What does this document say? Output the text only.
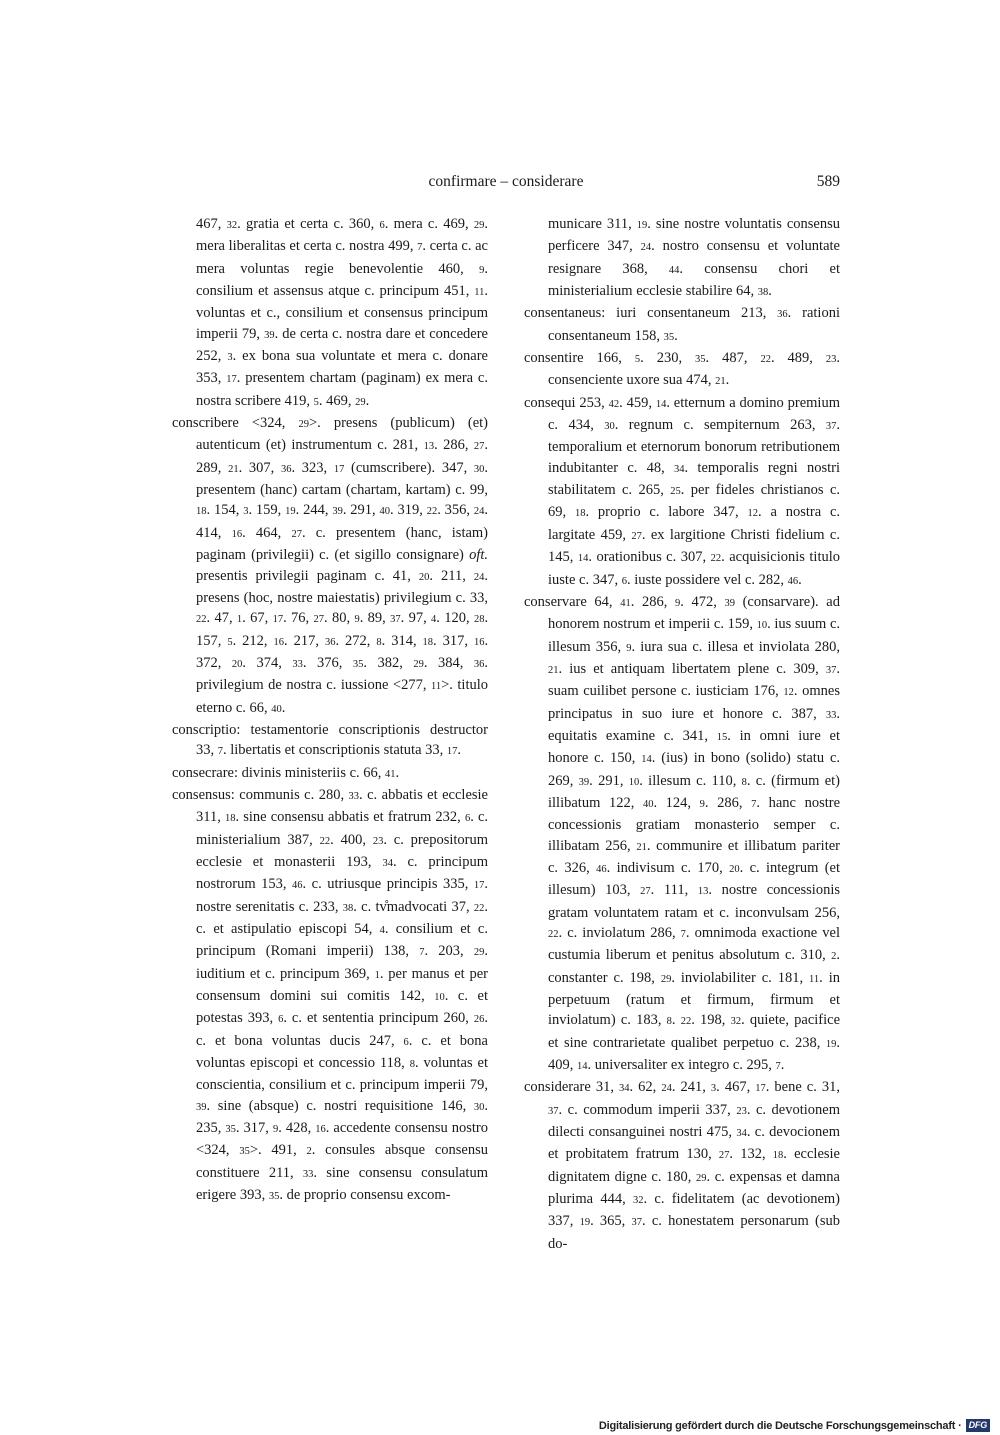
confirmare – considerare	589

467, 32. gratia et certa c. 360, 6. mera c. 469, 29. mera liberalitas et certa c. nostra 499, 7. certa c. ac mera voluntas regie benevolentie 460, 9. consilium et assensus atque c. principum 451, 11. voluntas et c., consilium et consensus principum imperii 79, 39. de certa c. nostra dare et concedere 252, 3. ex bona sua voluntate et mera c. donare 353, 17. presentem chartam (paginam) ex mera c. nostra scribere 419, 5. 469, 29.

conscribere <324, 29>. presens (publicum) (et) autenticum (et) instrumentum c. 281, 13. 286, 27. 289, 21. 307, 36. 323, 17 (cumscribere). 347, 30. presentem (hanc) cartam (chartam, kartam) c. 99, 18. 154, 3. 159, 19. 244, 39. 291, 40. 319, 22. 356, 24. 414, 16. 464, 27. c. presentem (hanc, istam) paginam (privilegii) c. (et sigillo consignare) oft. presentis privilegii paginam c. 41, 20. 211, 24. presens (hoc, nostre maiestatis) privilegium c. 33, 22. 47, 1. 67, 17. 76, 27. 80, 9. 89, 37. 97, 4. 120, 28. 157, 5. 212, 16. 217, 36. 272, 8. 314, 18. 317, 16. 372, 20. 374, 33. 376, 35. 382, 29. 384, 36. privilegium de nostra c. iussione <277, 11>. titulo eterno c. 66, 40.

conscriptio: testamentorie conscriptionis destructor 33, 7. libertatis et conscriptionis statuta 33, 17.

consecrare: divinis ministeriis c. 66, 41.

consensus: communis c. 280, 33. c. abbatis et ecclesie 311, 18. sine consensu abbatis et fratrum 232, 6. c. ministerialium 387, 22. 400, 23. c. prepositorum ecclesie et monasterii 193, 34. c. principum nostrorum 153, 46. c. utriusque principis 335, 17. nostre serenitatis c. 233, 38. c. tv̊madvocati 37, 22. c. et astipulatio episcopi 54, 4. consilium et c. principum (Romani imperii) 138, 7. 203, 29. iuditium et c. principum 369, 1. per manus et per consensum domini sui comitis 142, 10. c. et potestas 393, 6. c. et sententia principum 260, 26. c. et bona voluntas ducis 247, 6. c. et bona voluntas episcopi et concessio 118, 8. voluntas et conscientia, consilium et c. principum imperii 79, 39. sine (absque) c. nostri requisitione 146, 30. 235, 35. 317, 9. 428, 16. accedente consensu nostro <324, 35>. 491, 2. consules absque consensu constituere 211, 33. sine consensu consulatum erigere 393, 35. de proprio consensu excom-

municare 311, 19. sine nostre voluntatis consensu perficere 347, 24. nostro consensu et voluntate resignare 368, 44. consensu chori et ministerialium ecclesie stabilire 64, 38.

consentaneus: iuri consentaneum 213, 36. rationi consentaneum 158, 35.

consentire 166, 5. 230, 35. 487, 22. 489, 23. consenciente uxore sua 474, 21.

consequi 253, 42. 459, 14. etternum a domino premium c. 434, 30. regnum c. sempiternum 263, 37. temporalium et eternorum bonorum retributionem indubitanter c. 48, 34. temporalis regni nostri stabilitatem c. 265, 25. per fideles christianos c. 69, 18. proprio c. labore 347, 12. a nostra c. largitate 459, 27. ex largitione Christi fidelium c. 145, 14. orationibus c. 307, 22. acquisicionis titulo iuste c. 347, 6. iuste possidere vel c. 282, 46.

conservare 64, 41. 286, 9. 472, 39 (consarvare). ad honorem nostrum et imperii c. 159, 10. ius suum c. illesum 356, 9. iura sua c. illesa et inviolata 280, 21. ius et antiquam libertatem plene c. 309, 37. suam cuilibet persone c. iusticiam 176, 12. omnes principatus in suo iure et honore c. 387, 33. equitatis examine c. 341, 15. in omni iure et honore c. 150, 14. (ius) in bono (solido) statu c. 269, 39. 291, 10. illesum c. 110, 8. c. (firmum et) illibatum 122, 40. 124, 9. 286, 7. hanc nostre concessionis gratiam monasterio semper c. illibatam 256, 21. communire et illibatum pariter c. 326, 46. indivisum c. 170, 20. c. integrum (et illesum) 103, 27. 111, 13. nostre concessionis gratam voluntatem ratam et c. inconvulsam 256, 22. c. inviolatum 286, 7. omnimoda exactione vel custumia liberum et penitus absolutum c. 310, 2. constanter c. 198, 29. inviolabiliter c. 181, 11. in perpetuum (ratum et firmum, firmum et inviolatum) c. 183, 8. 22. 198, 32. quiete, pacifice et sine contrarietate qualibet perpetuo c. 238, 19. 409, 14. universaliter ex integro c. 295, 7.

considerare 31, 34. 62, 24. 241, 3. 467, 17. bene c. 31, 37. c. commodum imperii 337, 23. c. devotionem dilecti consanguinei nostri 475, 34. c. devocionem et probitatem fratrum 130, 27. 132, 18. ecclesie dignitatem digne c. 180, 29. c. expensas et damna plurima 444, 32. c. fidelitatem (ac devotionem) 337, 19. 365, 37. c. honestatem personarum (sub do-

Digitalisierung gefördert durch die Deutsche Forschungsgemeinschaft · DFG
